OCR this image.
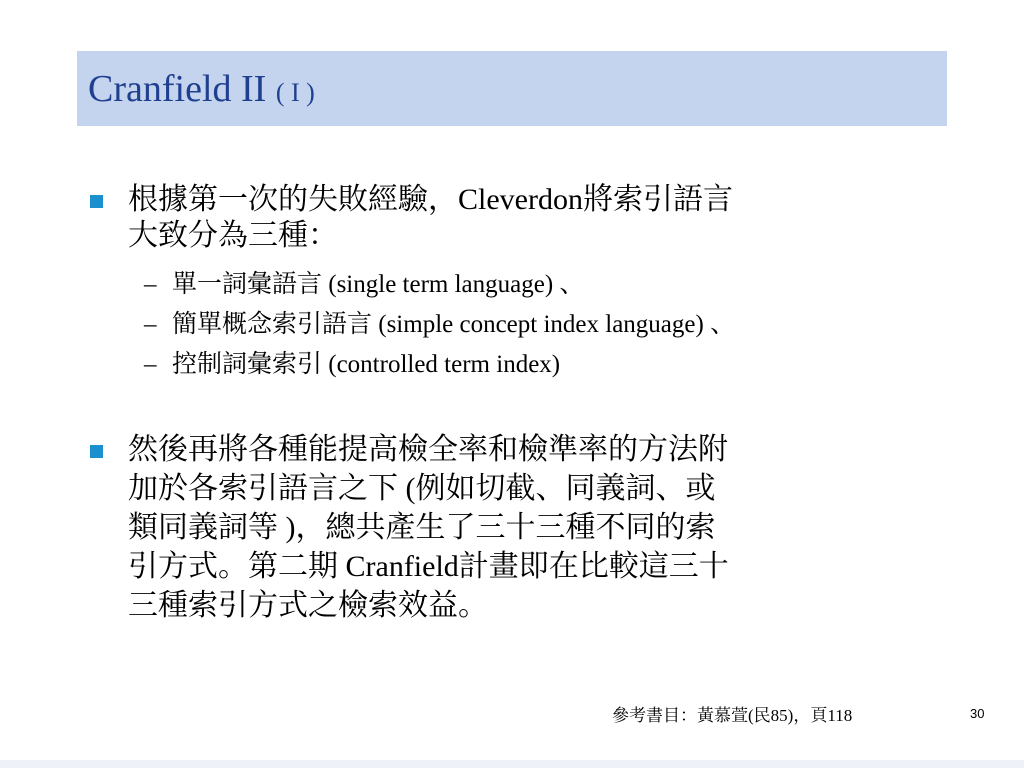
Cranfield II ( I )
根據第一次的失敗經驗，Cleverdon將索引語言
大致分為三種：
– 單一詞彙語言 (single term language) 、
– 簡單概念索引語言 (simple concept index language) 、
– 控制詞彙索引 (controlled term index)
然後再將各種能提高檢全率和檢準率的方法附
加於各索引語言之下 (例如切截、同義詞、或
類同義詞等 )，總共產生了三十三種不同的索
引方式。第二期 Cranfield計畫即在比較這三十
三種索引方式之檢索效益。
參考書目：黃慕萱(民85)，頁118	30
